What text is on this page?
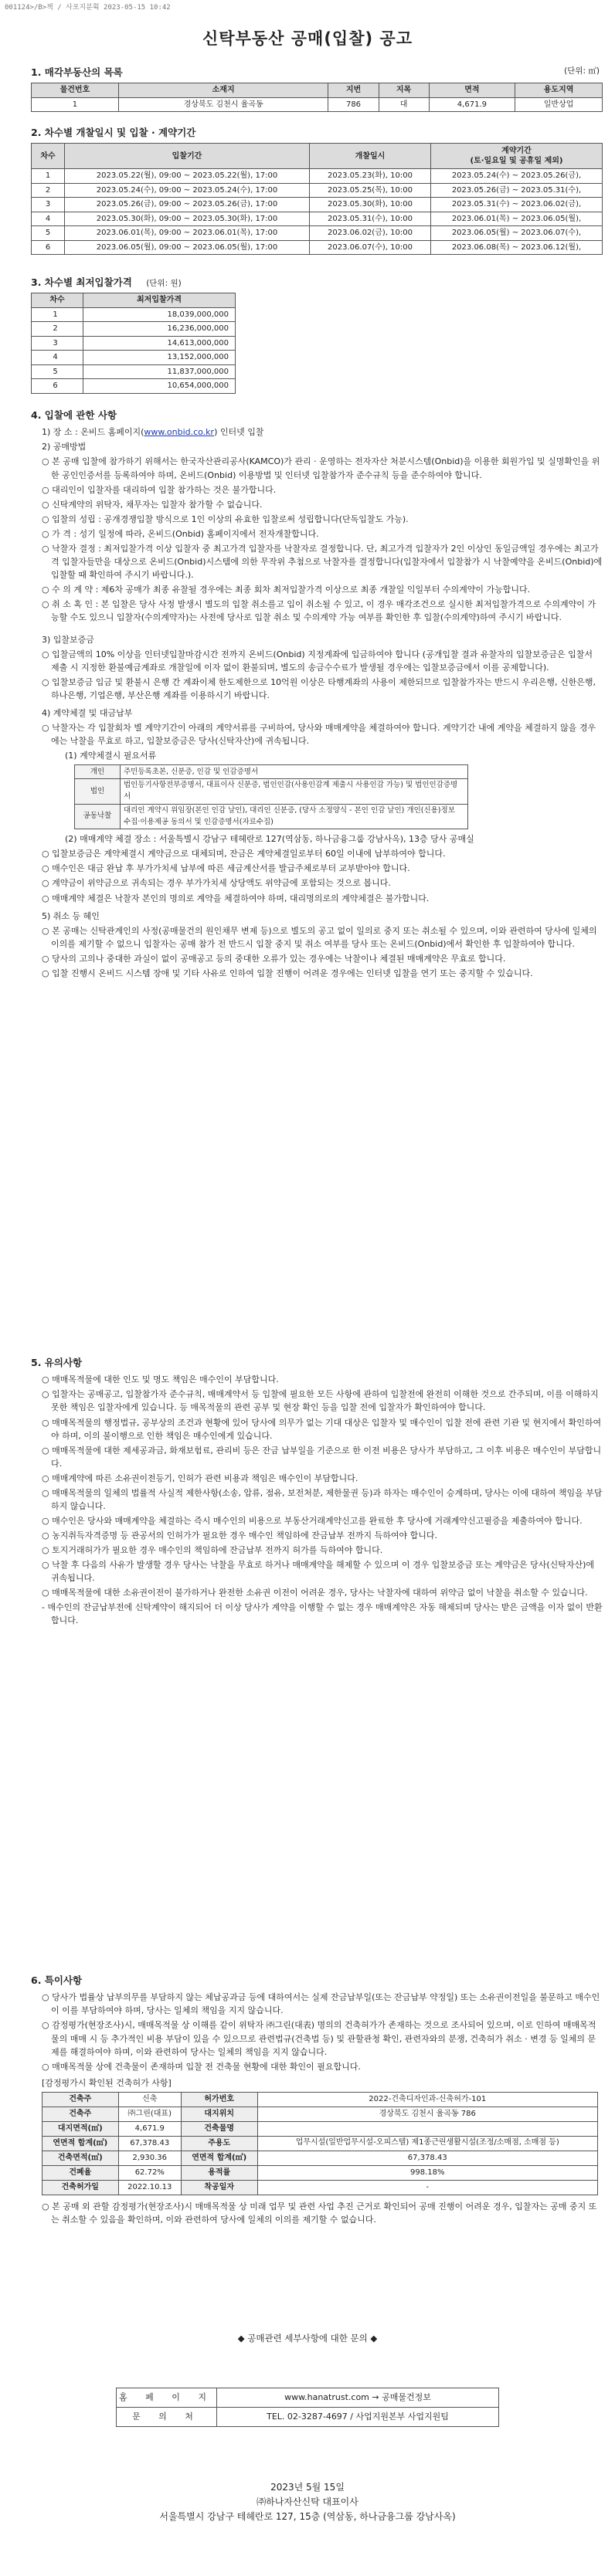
001124>/B>책 / 사포지분획 2023-05-15 10:42
신탁부동산 공매(입찰) 공고
1. 매각부동산의 목록	(단위: ㎡)
물건번호	소재지	지번	지목	면적	용도지역
1	경상북도 김천시 율곡동	786	대	4,671.9	일반상업
2. 차수별 개찰일시 및 입찰 · 계약기간
차수	입찰기간	개찰일시	계약기간
(토·일요일 및 공휴일 제외)
1	2023.05.22(월), 09:00 ~ 2023.05.22(월), 17:00	2023.05.23(화), 10:00	2023.05.24(수) ~ 2023.05.26(금),
2	2023.05.24(수), 09:00 ~ 2023.05.24(수), 17:00	2023.05.25(목), 10:00	2023.05.26(금) ~ 2023.05.31(수),
3	2023.05.26(금), 09:00 ~ 2023.05.26(금), 17:00	2023.05.30(화), 10:00	2023.05.31(수) ~ 2023.06.02(금),
4	2023.05.30(화), 09:00 ~ 2023.05.30(화), 17:00	2023.05.31(수), 10:00	2023.06.01(목) ~ 2023.06.05(월),
5	2023.06.01(목), 09:00 ~ 2023.06.01(목), 17:00	2023.06.02(금), 10:00	2023.06.05(월) ~ 2023.06.07(수),
6	2023.06.05(월), 09:00 ~ 2023.06.05(월), 17:00	2023.06.07(수), 10:00	2023.06.08(목) ~ 2023.06.12(월),
3. 차수별 최저입찰가격 (단위: 원)
차수	최저입찰가격
1	18,039,000,000
2	16,236,000,000
3	14,613,000,000
4	13,152,000,000
5	11,837,000,000
6	10,654,000,000
4. 입찰에 관한 사항

1) 장 소 : 온비드 홈페이지(www.onbid.co.kr) 인터넷 입찰

2) 공매방법

○ 본 공매 입찰에 참가하기 위해서는 한국자산관리공사(KAMCO)가 관리 · 운영하는 전자자산 처분시스템(Onbid)을 이용한 회원가입 및 실명확인을 위한 공인인증서를 등록하여야 하며, 온비드(Onbid) 이용방법 및 인터넷 입찰참가자 준수규칙 등을 준수하여야 합니다.

○ 대리인이 입찰자를 대리하여 입찰 참가하는 것은 불가합니다.

○ 신탁계약의 위탁자, 채무자는 입찰자 참가할 수 없습니다.

○ 입찰의 성립 : 공개경쟁입찰 방식으로 1인 이상의 유효한 입찰로써 성립합니다(단독입찰도 가능).

○ 가 격 : 성기 일정에 따라, 온비드(Onbid) 홈페이지에서 전자개찰합니다.

○ 낙찰자 결정 : 최저입찰가격 이상 입찰자 중 최고가격 입찰자를 낙찰자로 결정합니다. 단, 최고가격 입찰자가 2인 이상인 동일금액일 경우에는 최고가격 입찰자들만을 대상으로 온비드(Onbid)시스템에 의한 무작위 추첨으로 낙찰자를 결정합니다(입찰자에서 입찰참가 시 낙찰예약을 온비드(Onbid)에 입찰할 때 확인하여 주시기 바랍니다.).

○ 수 의 계 약 : 제6차 공매가 최종 유찰될 경우에는 최종 회차 최저입찰가격 이상으로 최종 개찰일 익일부터 수의계약이 가능합니다.

○ 취 소 혹 인 : 본 입찰은 당사 사정 발생시 별도의 입찰 취소를고 입이 취소될 수 있고, 이 경우 매각조건으로 실시한 최저입찰가격으로 수의계약이 가능할 수도 있으니 입찰자(수의계약자)는 사전에 당사로 입찰 취소 및 수의계약 가능 여부를 확인한 후 입찰(수의계약)하여 주시기 바랍니다.

3) 입찰보증금

○ 입찰금액의 10% 이상을 인터넷입찰마감시간 전까지 온비드(Onbid) 지정계좌에 입금하여야 합니다 (공개입찰 결과 유찰자의 입찰보증금은 입찰서 제출 시 지정한 환불예금계좌로 개찰일에 이자 없이 환불되며, 별도의 송금수수료가 발생될 경우에는 입찰보증금에서 이를 공제합니다).

○ 입찰보증금 입금 및 환불시 은행 간 계좌이체 한도제한으로 10억원 이상은 타행계좌의 사용이 제한되므로 입찰참가자는 반드시 우리은행, 신한은행, 하나은행, 기업은행, 부산은행 계좌를 이용하시기 바랍니다.

4) 계약체결 및 대금납부

○ 낙찰자는 각 입찰회차 별 계약기간이 아래의 계약서류를 구비하여, 당사와 매매계약을 체결하여야 합니다. 계약기간 내에 계약을 체결하지 않을 경우에는 낙찰을 무효로 하고, 입찰보증금은 당사(신탁자산)에 귀속됩니다.

(1) 계약체결시 필요서류

개인	주민등록초본, 신분증, 인감 및 인감증명서
법인	법인등기사항전부증명서, 대표이사 신분증, 법인인감(사용인감계 제출시 사용인감 가능) 및 법인인감증명서
공동낙찰	대리인 계약시 위임장(본인 인감 날인), 대리인 신분증, (당사 소정양식 - 본인 인감 날인) 개인(신용)정보 수집·이용제공 동의서 및 인감증명서(자료수집)

(2) 매매계약 체결 장소 : 서울특별시 강남구 테헤란로 127(역삼동, 하나금융그룹 강남사옥), 13층 당사 공매실

○ 입찰보증금은 계약체결시 계약금으로 대체되며, 잔금은 계약체결일로부터 60일 이내에 납부하여야 합니다.

○ 매수인은 대금 완납 후 부가가치세 납부에 따른 세금계산서를 발급주체로부터 교부받아야 합니다.

○ 계약금이 위약금으로 귀속되는 경우 부가가치세 상당액도 위약금에 포함되는 것으로 봅니다.

○ 매매계약 체결은 낙찰자 본인의 명의로 계약을 체결하여야 하며, 대리명의로의 계약체결은 불가합니다.

5) 취소 등 혜인

○ 본 공매는 신탁관계인의 사정(공매물건의 원인채무 변제 등)으로 별도의 공고 없이 일의로 중지 또는 취소될 수 있으며, 이와 관련하여 당사에 일체의 이의를 제기할 수 없으니 입찰자는 공매 참가 전 반드시 입찰 중지 및 취소 여부를 당사 또는 온비드(Onbid)에서 확인한 후 입찰하여야 합니다.

○ 당사의 고의나 중대한 과실이 없이 공매공고 등의 중대한 오류가 있는 경우에는 낙찰이나 체결된 매매계약은 무효로 합니다.

○ 입찰 진행시 온비드 시스템 장애 및 기타 사유로 인하여 입찰 진행이 어려운 경우에는 인터넷 입찰을 연기 또는 중지할 수 있습니다.

5. 유의사항

○ 매매목적물에 대한 인도 및 명도 책임은 매수인이 부담합니다.

○ 입찰자는 공매공고, 입찰참가자 준수규칙, 매매계약서 등 입찰에 필요한 모든 사항에 관하여 입찰전에 완전히 이해한 것으로 간주되며, 이를 이해하지 못한 책임은 입찰자에게 있습니다. 등 매목적물의 관련 공부 및 현장 확인 등을 입찰 전에 입찰자가 확인하여야 합니다.

○ 매매목적물의 행정법규, 공부상의 조건과 현황에 있어 당사에 의무가 없는 기대 대상은 입찰자 및 매수인이 입찰 전에 관련 기관 및 현지에서 확인하여야 하며, 이의 불이행으로 인한 책임은 매수인에게 있습니다.

○ 매매목적물에 대한 제세공과금, 화재보험료, 관리비 등은 잔금 납부일을 기준으로 한 이전 비용은 당사가 부담하고, 그 이후 비용은 매수인이 부담합니다.

○ 매매계약에 따른 소유권이전등기, 인허가 관련 비용과 책임은 매수인이 부담합니다.

○ 매매목적물의 일체의 법률적 사실적 제한사항(소송, 압류, 점유, 보전처분, 제한물권 등)과 하자는 매수인이 승계하며, 당사는 이에 대하여 책임을 부담하지 않습니다.

○ 매수인은 당사와 매매계약을 체결하는 즉시 매수인의 비용으로 부동산거래계약신고를 완료한 후 당사에 거래계약신고필증을 제출하여야 합니다.

○ 농지취득자격증명 등 관공서의 인허가가 필요한 경우 매수인 책임하에 잔금납부 전까지 득하여야 합니다.

○ 토지거래허가가 필요한 경우 매수인의 책임하에 잔금납부 전까지 허가를 득하여야 합니다.

○ 낙찰 후 다음의 사유가 발생할 경우 당사는 낙찰을 무효로 하거나 매매계약을 해제할 수 있으며 이 경우 입찰보증금 또는 계약금은 당사(신탁자산)에 귀속됩니다.

○ 매매목적물에 대한 소유권이전이 불가하거나 완전한 소유권 이전이 어려운 경우, 당사는 낙찰자에 대하여 위약금 없이 낙찰을 취소할 수 있습니다.

- 매수인의 잔금납부전에 신탁계약이 해지되어 더 이상 당사가 계약을 이행할 수 없는 경우 매매계약은 자동 해제되며 당사는 받은 금액을 이자 없이 반환합니다.

6. 특이사항

○ 당사가 법률상 납부의무를 부담하지 않는 체납공과금 등에 대하여서는 실제 잔금납부일(또는 잔금납부 약정일) 또는 소유권이전일을 불문하고 매수인이 이를 부담하여야 하며, 당사는 일체의 책임을 지지 않습니다.

○ 감정평가(현장조사)시, 매매목적물 상 이해를 같이 위탁자 ㈜그린(대表) 명의의 건축허가가 존재하는 것으로 조사되어 있으며, 이로 인하여 매매목적물의 매매 시 등 추가적인 비용 부담이 있을 수 있으므로 관련법규(건축법 등) 및 관할관청 확인, 관련자와의 분쟁, 건축허가 취소 · 변경 등 일체의 문제를 해결하여야 하며, 이와 관련하여 당사는 일체의 책임을 지지 않습니다.

○ 매매목적물 상에 건축물이 존재하며 입찰 전 건축물 현황에 대한 확인이 필요합니다.

[감정평가시 확인된 건축허가 사항]

건축주	신축	허가번호	2022-건축디자인과-신축허가-101
건축주	㈜그린(대표)	대지위치	경상북도 김천시 율곡동 786
대지면적(㎡)	4,671.9	건축물명	
연면적 합계(㎡)	67,378.43	주용도	업무시설(일반업무시설-오피스텔) 제1종근린생활시설(조정/소매점, 소매점 등)
건축면적(㎡)	2,930.36	연면적 합계(㎡)	67,378.43
건폐율	62.72%	용적률	998.18%
건축허가일	2022.10.13	착공일자	-

○ 본 공매 외 관할 감정평가(현장조사)시 매매목적물 상 미래 업무 및 관련 사업 추진 근거로 확인되어 공매 진행이 어려운 경우, 입찰자는 공매 중지 또는 취소할 수 있음을 확인하며, 이와 관련하여 당사에 일체의 이의를 제기할 수 없습니다.

◆ 공매관련 세부사항에 대한 문의 ◆
홈 페 이 지	www.hanatrust.com → 공매물건정보
문 의 처	TEL. 02-3287-4697 / 사업지원본부 사업지원팀
2023년 5월 15일
㈜하나자산신탁 대표이사
서울특별시 강남구 테헤란로 127, 15층 (역삼동, 하나금융그룹 강남사옥)
